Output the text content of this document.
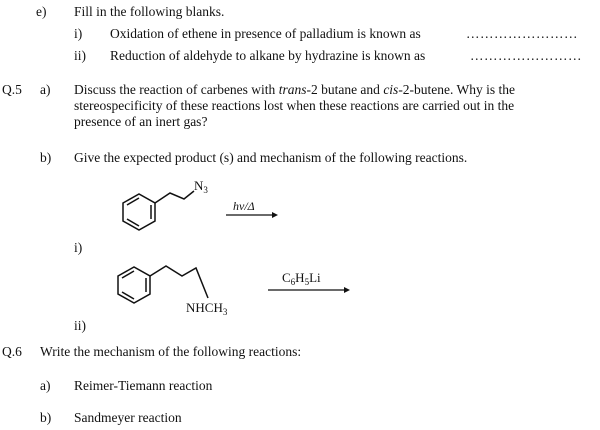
e) Fill in the following blanks.
i) Oxidation of ethene in presence of palladium is known as	……………………
ii) Reduction of aldehyde to alkane by hydrazine is known as	……………………
Q.5 a) Discuss the reaction of carbenes with trans-2 butane and cis-2-butene. Why is the
stereospecificity of these reactions lost when these reactions are carried out in the
presence of an inert gas?
b) Give the expected product (s) and mechanism of the following reactions.
$N_3$
hν/Δ
$NHCH_3$
$C_6H_5Li$
i)
ii)
Q.6 Write the mechanism of the following reactions:
a) Reimer-Tiemann reaction
b) Sandmeyer reaction
